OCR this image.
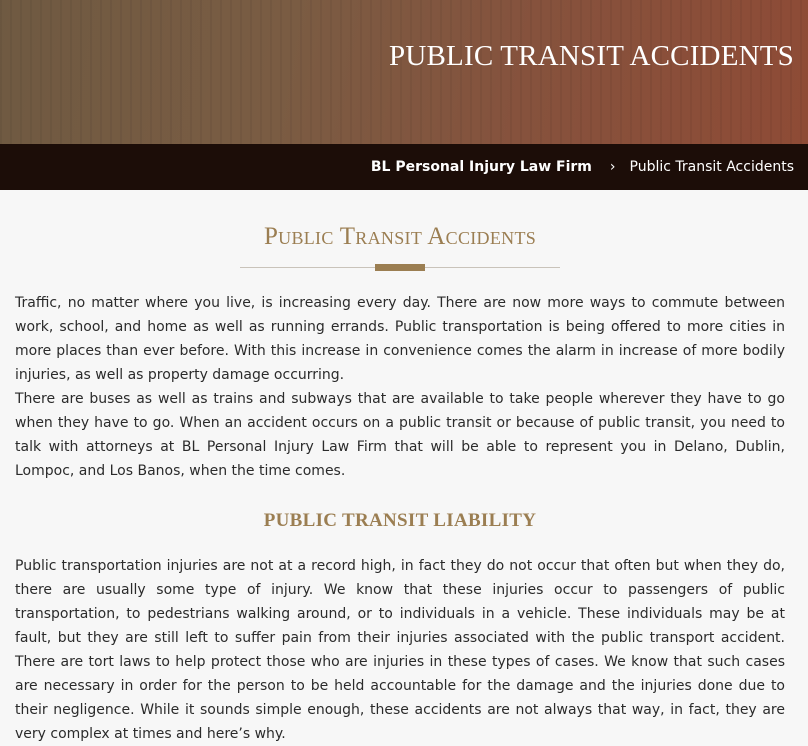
PUBLIC TRANSIT ACCIDENTS
BL Personal Injury Law Firm › Public Transit Accidents
Public Transit Accidents

Traffic, no matter where you live, is increasing every day. There are now more ways to commute between work, school, and home as well as running errands. Public transportation is being offered to more cities in more places than ever before. With this increase in convenience comes the alarm in increase of more bodily injuries, as well as property damage occurring.

There are buses as well as trains and subways that are available to take people wherever they have to go when they have to go. When an accident occurs on a public transit or because of public transit, you need to talk with attorneys at BL Personal Injury Law Firm that will be able to represent you in Delano, Dublin, Lompoc, and Los Banos, when the time comes.

PUBLIC TRANSIT LIABILITY

Public transportation injuries are not at a record high, in fact they do not occur that often but when they do, there are usually some type of injury. We know that these injuries occur to passengers of public transportation, to pedestrians walking around, or to individuals in a vehicle. These individuals may be at fault, but they are still left to suffer pain from their injuries associated with the public transport accident. There are tort laws to help protect those who are injuries in these types of cases. We know that such cases are necessary in order for the person to be held accountable for the damage and the injuries done due to their negligence. While it sounds simple enough, these accidents are not always that way, in fact, they are very complex at times and here’s why.
